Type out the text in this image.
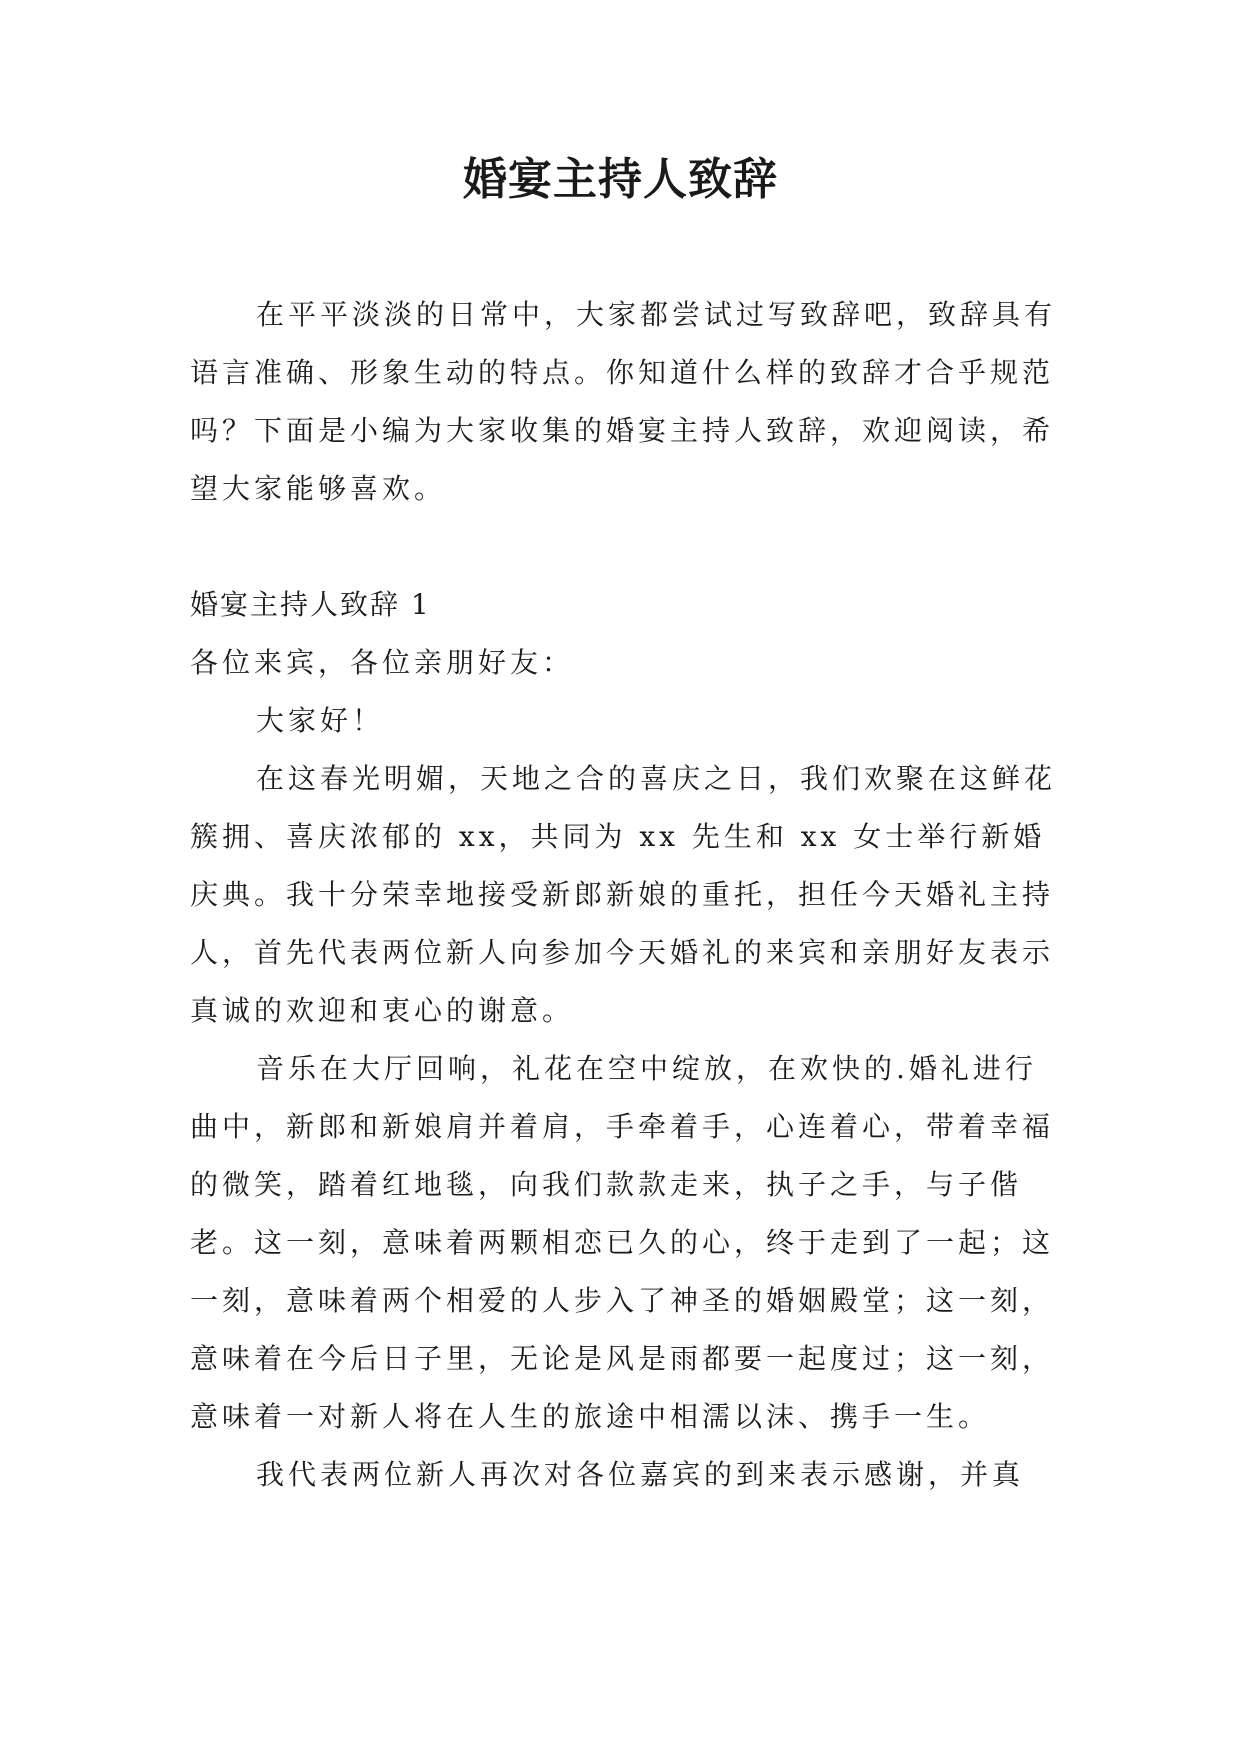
婚宴主持人致辞

在平平淡淡的日常中，大家都尝试过写致辞吧，致辞具有语言准确、形象生动的特点。你知道什么样的致辞才合乎规范吗？下面是小编为大家收集的婚宴主持人致辞，欢迎阅读，希望大家能够喜欢。

婚宴主持人致辞 1

各位来宾，各位亲朋好友：

大家好！

在这春光明媚，天地之合的喜庆之日，我们欢聚在这鲜花簇拥、喜庆浓郁的 xx，共同为 xx 先生和 xx 女士举行新婚庆典。我十分荣幸地接受新郎新娘的重托，担任今天婚礼主持人，首先代表两位新人向参加今天婚礼的来宾和亲朋好友表示真诚的欢迎和衷心的谢意。

音乐在大厅回响，礼花在空中绽放，在欢快的.婚礼进行曲中，新郎和新娘肩并着肩，手牵着手，心连着心，带着幸福的微笑，踏着红地毯，向我们款款走来，执子之手，与子偕老。这一刻，意味着两颗相恋已久的心，终于走到了一起；这一刻，意味着两个相爱的人步入了神圣的婚姻殿堂；这一刻，意味着在今后日子里，无论是风是雨都要一起度过；这一刻，意味着一对新人将在人生的旅途中相濡以沫、携手一生。

我代表两位新人再次对各位嘉宾的到来表示感谢，并真
